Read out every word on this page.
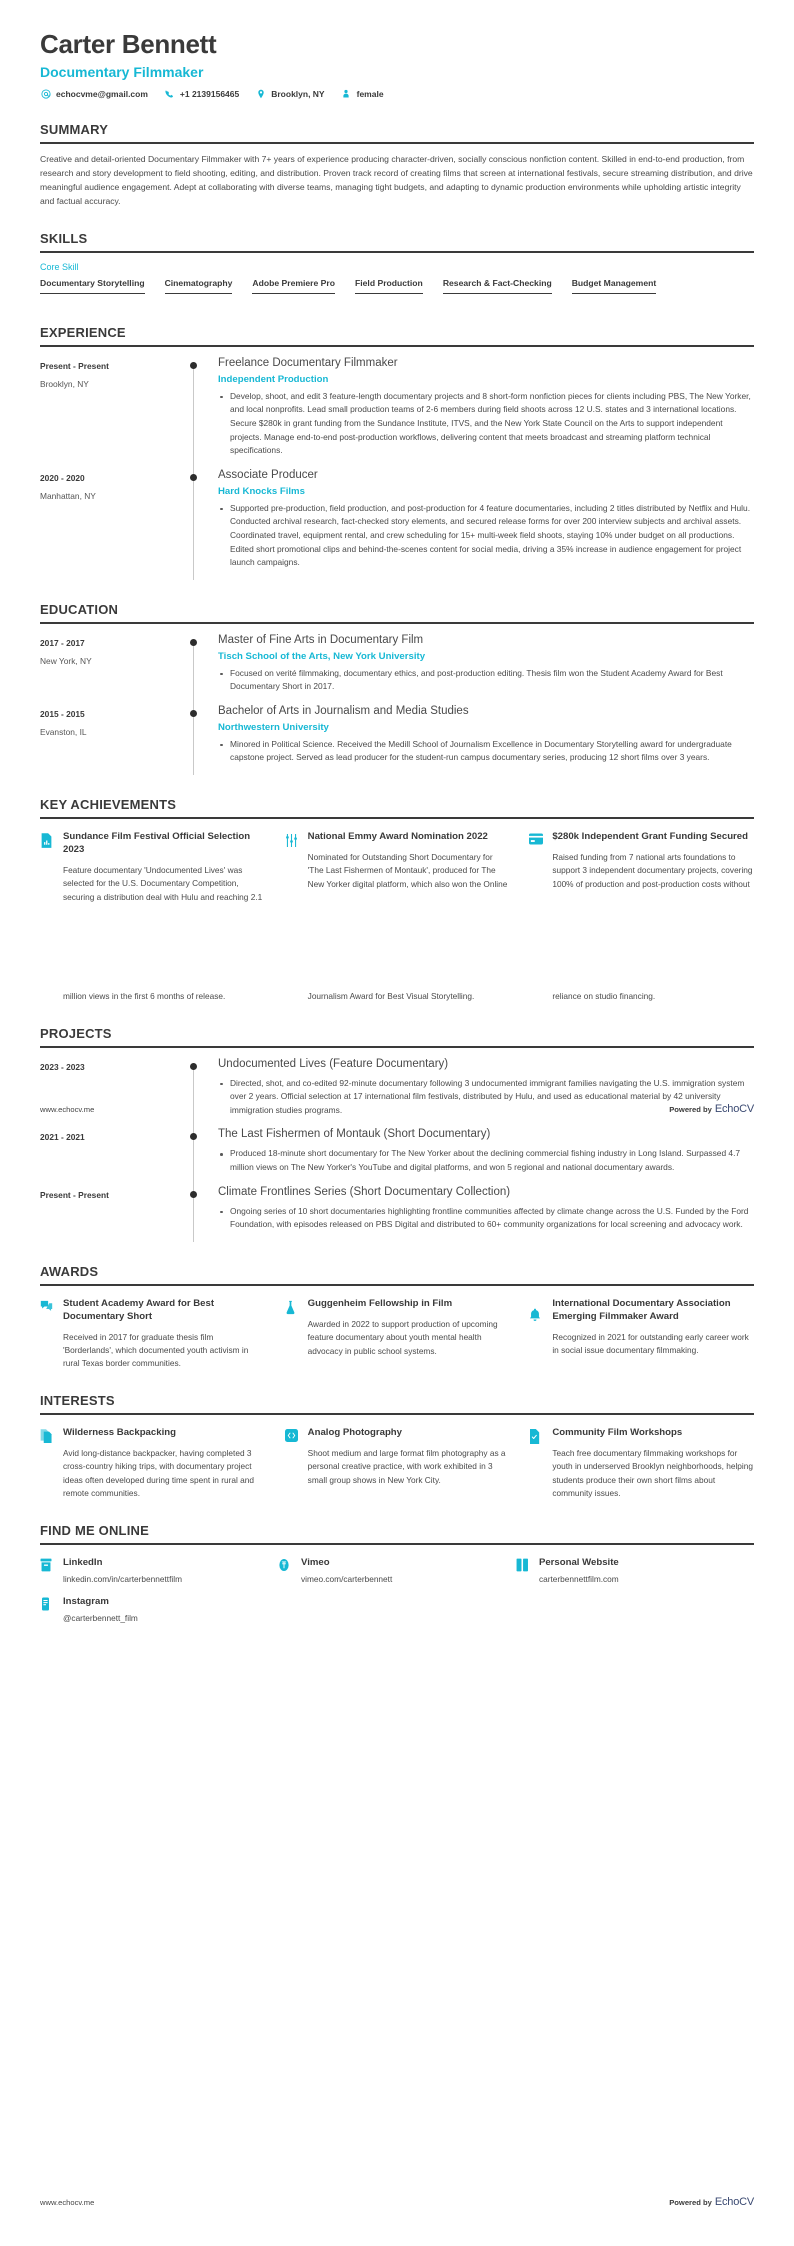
www.echocv.me	Powered by EchoCV
www.echocv.me	Powered by EchoCV
Carter Bennett
Documentary Filmmaker
echocvme@gmail.com	+1 2139156465	Brooklyn, NY	female
SUMMARY
Creative and detail-oriented Documentary Filmmaker with 7+ years of experience producing character-driven, socially conscious nonfiction content. Skilled in end-to-end production, from research and story development to field shooting, editing, and distribution. Proven track record of creating films that screen at international festivals, secure streaming distribution, and drive meaningful audience engagement. Adept at collaborating with diverse teams, managing tight budgets, and adapting to dynamic production environments while upholding artistic integrity and factual accuracy.
SKILLS
Core Skill
Documentary Storytelling Cinematography Adobe Premiere Pro Field Production Research & Fact-Checking Budget Management
EXPERIENCE
Present - Present
Brooklyn, NY
Freelance Documentary Filmmaker
Independent Production
Develop, shoot, and edit 3 feature-length documentary projects and 8 short-form nonfiction pieces for clients including PBS, The New Yorker, and local nonprofits. Lead small production teams of 2-6 members during field shoots across 12 U.S. states and 3 international locations. Secure $280k in grant funding from the Sundance Institute, ITVS, and the New York State Council on the Arts to support independent projects. Manage end-to-end post-production workflows, delivering content that meets broadcast and streaming platform technical specifications.
2020 - 2020
Manhattan, NY
Associate Producer
Hard Knocks Films
Supported pre-production, field production, and post-production for 4 feature documentaries, including 2 titles distributed by Netflix and Hulu. Conducted archival research, fact-checked story elements, and secured release forms for over 200 interview subjects and archival assets. Coordinated travel, equipment rental, and crew scheduling for 15+ multi-week field shoots, staying 10% under budget on all productions. Edited short promotional clips and behind-the-scenes content for social media, driving a 35% increase in audience engagement for project launch campaigns.
EDUCATION
2017 - 2017
New York, NY
Master of Fine Arts in Documentary Film
Tisch School of the Arts, New York University
Focused on verité filmmaking, documentary ethics, and post-production editing. Thesis film won the Student Academy Award for Best Documentary Short in 2017.
2015 - 2015
Evanston, IL
Bachelor of Arts in Journalism and Media Studies
Northwestern University
Minored in Political Science. Received the Medill School of Journalism Excellence in Documentary Storytelling award for undergraduate capstone project. Served as lead producer for the student-run campus documentary series, producing 12 short films over 3 years.
KEY ACHIEVEMENTS
Sundance Film Festival Official Selection 2023
Feature documentary 'Undocumented Lives' was selected for the U.S. Documentary Competition, securing a distribution deal with Hulu and reaching 2.1
National Emmy Award Nomination 2022
Nominated for Outstanding Short Documentary for 'The Last Fishermen of Montauk', produced for The New Yorker digital platform, which also won the Online
$280k Independent Grant Funding Secured
Raised funding from 7 national arts foundations to support 3 independent documentary projects, covering 100% of production and post-production costs without
million views in the first 6 months of release.	Journalism Award for Best Visual Storytelling.	reliance on studio financing.
PROJECTS
2023 - 2023	Undocumented Lives (Feature Documentary)
Directed, shot, and co-edited 92-minute documentary following 3 undocumented immigrant families navigating the U.S. immigration system over 2 years. Official selection at 17 international film festivals, distributed by Hulu, and used as educational material by 42 university immigration studies programs.
2021 - 2021	The Last Fishermen of Montauk (Short Documentary)
Produced 18-minute short documentary for The New Yorker about the declining commercial fishing industry in Long Island. Surpassed 4.7 million views on The New Yorker's YouTube and digital platforms, and won 5 regional and national documentary awards.
Present - Present	Climate Frontlines Series (Short Documentary Collection)
Ongoing series of 10 short documentaries highlighting frontline communities affected by climate change across the U.S. Funded by the Ford Foundation, with episodes released on PBS Digital and distributed to 60+ community organizations for local screening and advocacy work.
AWARDS
Student Academy Award for Best Documentary Short
Received in 2017 for graduate thesis film 'Borderlands', which documented youth activism in rural Texas border communities.
Guggenheim Fellowship in Film
Awarded in 2022 to support production of upcoming feature documentary about youth mental health advocacy in public school systems.
International Documentary Association Emerging Filmmaker Award
Recognized in 2021 for outstanding early career work in social issue documentary filmmaking.
INTERESTS
Wilderness Backpacking
Avid long-distance backpacker, having completed 3 cross-country hiking trips, with documentary project ideas often developed during time spent in rural and remote communities.
Analog Photography
Shoot medium and large format film photography as a personal creative practice, with work exhibited in 3 small group shows in New York City.
Community Film Workshops
Teach free documentary filmmaking workshops for youth in underserved Brooklyn neighborhoods, helping students produce their own short films about community issues.
FIND ME ONLINE
LinkedIn
linkedin.com/in/carterbennettfilm
Vimeo
vimeo.com/carterbennett
Personal Website
carterbennettfilm.com
Instagram
@carterbennett_film
